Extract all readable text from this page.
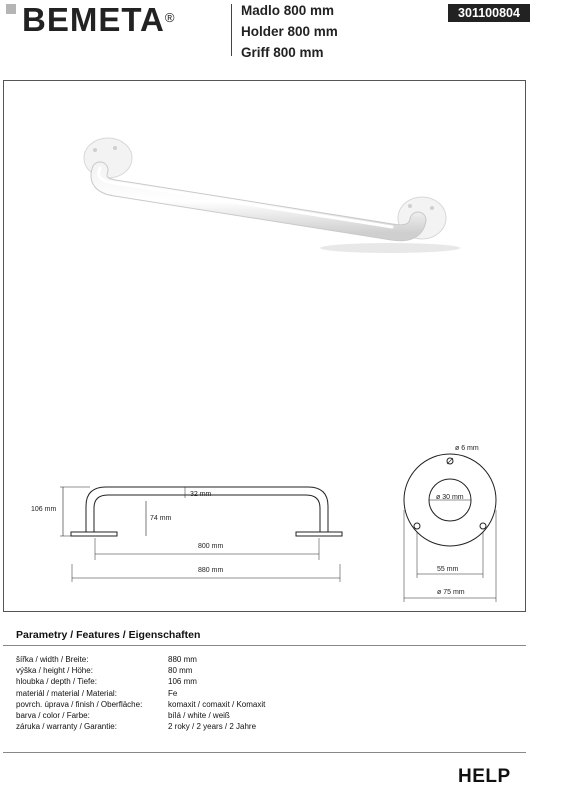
BEMETA®	Madlo 800 mm
Holder 800 mm
Griff 800 mm
301100804
106 mm
32 mm
74 mm
800 mm
880 mm
ø 6 mm
ø 30 mm
55 mm
ø 75 mm
Parametry / Features / Eigenschaften
šířka / width / Breite:	880 mm
výška / height / Höhe:	80 mm
hloubka / depth / Tiefe:	106 mm
materiál / material / Material:	Fe
povrch. úprava / finish / Oberfläche:	komaxit / comaxit / Komaxit
barva / color / Farbe:	bílá / white / weiß
záruka / warranty / Garantie:	2 roky / 2 years / 2 Jahre
HELP
